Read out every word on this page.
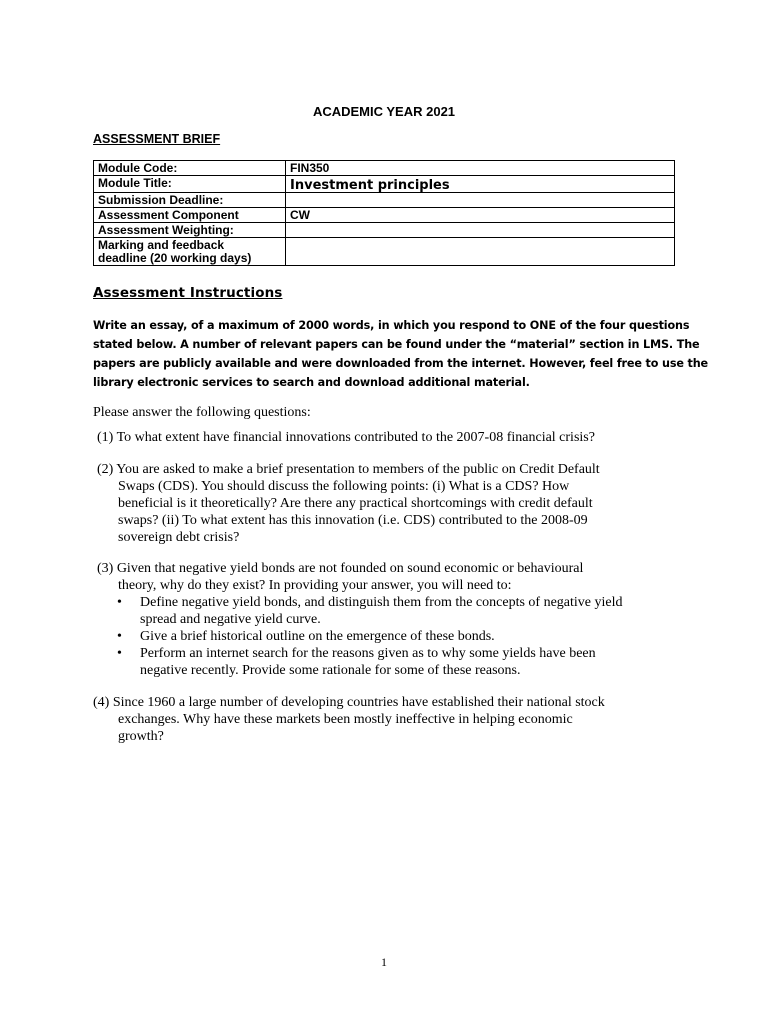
ACADEMIC YEAR 2021
ASSESSMENT BRIEF
Module Code:	FIN350
Module Title:	Investment principles
Submission Deadline:	
Assessment Component	CW
Assessment Weighting:	

Marking and feedback
deadline (20 working days)	

Assessment Instructions
Write an essay, of a maximum of 2000 words, in which you respond to ONE of the four questions
stated below. A number of relevant papers can be found under the “material” section in LMS. The
papers are publicly available and were downloaded from the internet. However, feel free to use the
library electronic services to search and download additional material.
Please answer the following questions:
(1) To what extent have financial innovations contributed to the 2007-08 financial crisis?
(2) You are asked to make a brief presentation to members of the public on Credit Default
Swaps (CDS). You should discuss the following points: (i) What is a CDS? How
beneficial is it theoretically? Are there any practical shortcomings with credit default
swaps? (ii) To what extent has this innovation (i.e. CDS) contributed to the 2008-09
sovereign debt crisis?
(3) Given that negative yield bonds are not founded on sound economic or behavioural
theory, why do they exist? In providing your answer, you will need to:
• Define negative yield bonds, and distinguish them from the concepts of negative yield
spread and negative yield curve.
• Give a brief historical outline on the emergence of these bonds.
• Perform an internet search for the reasons given as to why some yields have been
negative recently. Provide some rationale for some of these reasons.
(4) Since 1960 a large number of developing countries have established their national stock
exchanges. Why have these markets been mostly ineffective in helping economic
growth?
1
